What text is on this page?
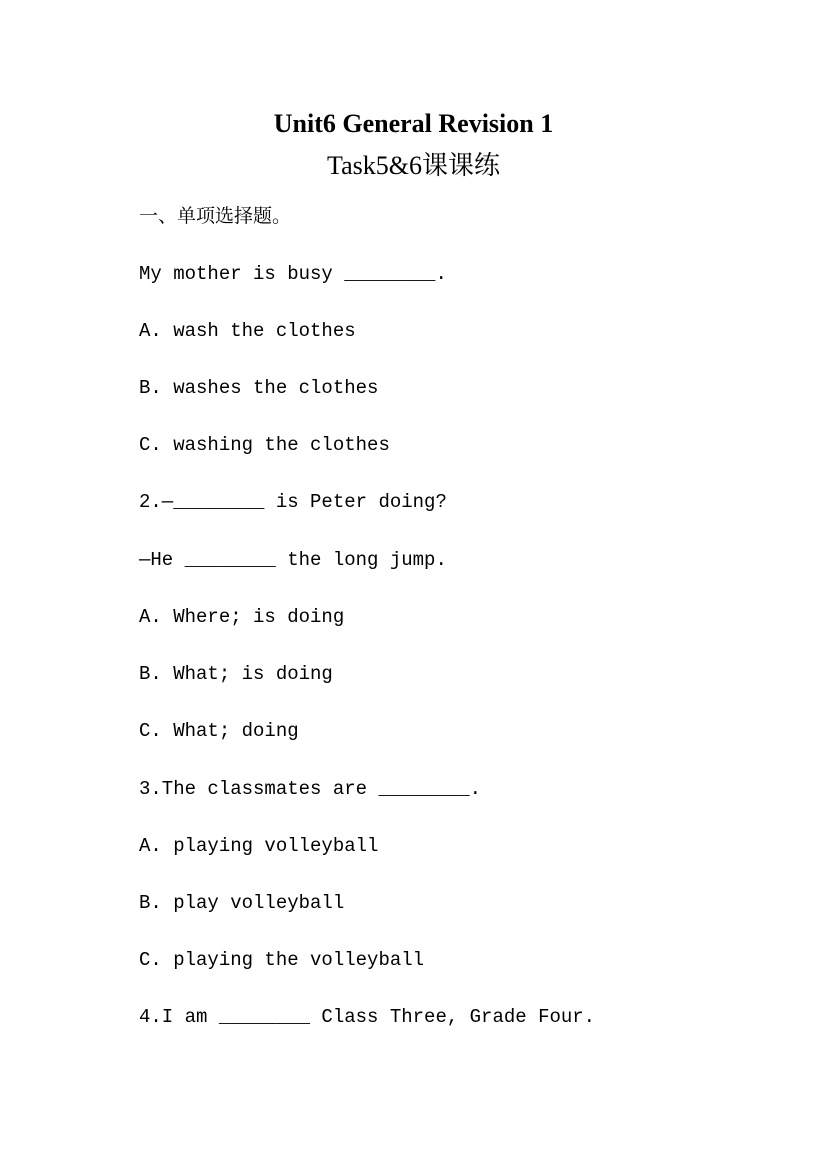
Unit6 General Revision 1
Task5&6课课练
一、单项选择题。
My mother is busy ________.
A. wash the clothes
B. washes the clothes
C. washing the clothes
2.—________ is Peter doing?
—He ________ the long jump.
A. Where; is doing
B. What; is doing
C. What; doing
3.The classmates are ________.
A. playing volleyball
B. play volleyball
C. playing the volleyball
4.I am ________ Class Three, Grade Four.
